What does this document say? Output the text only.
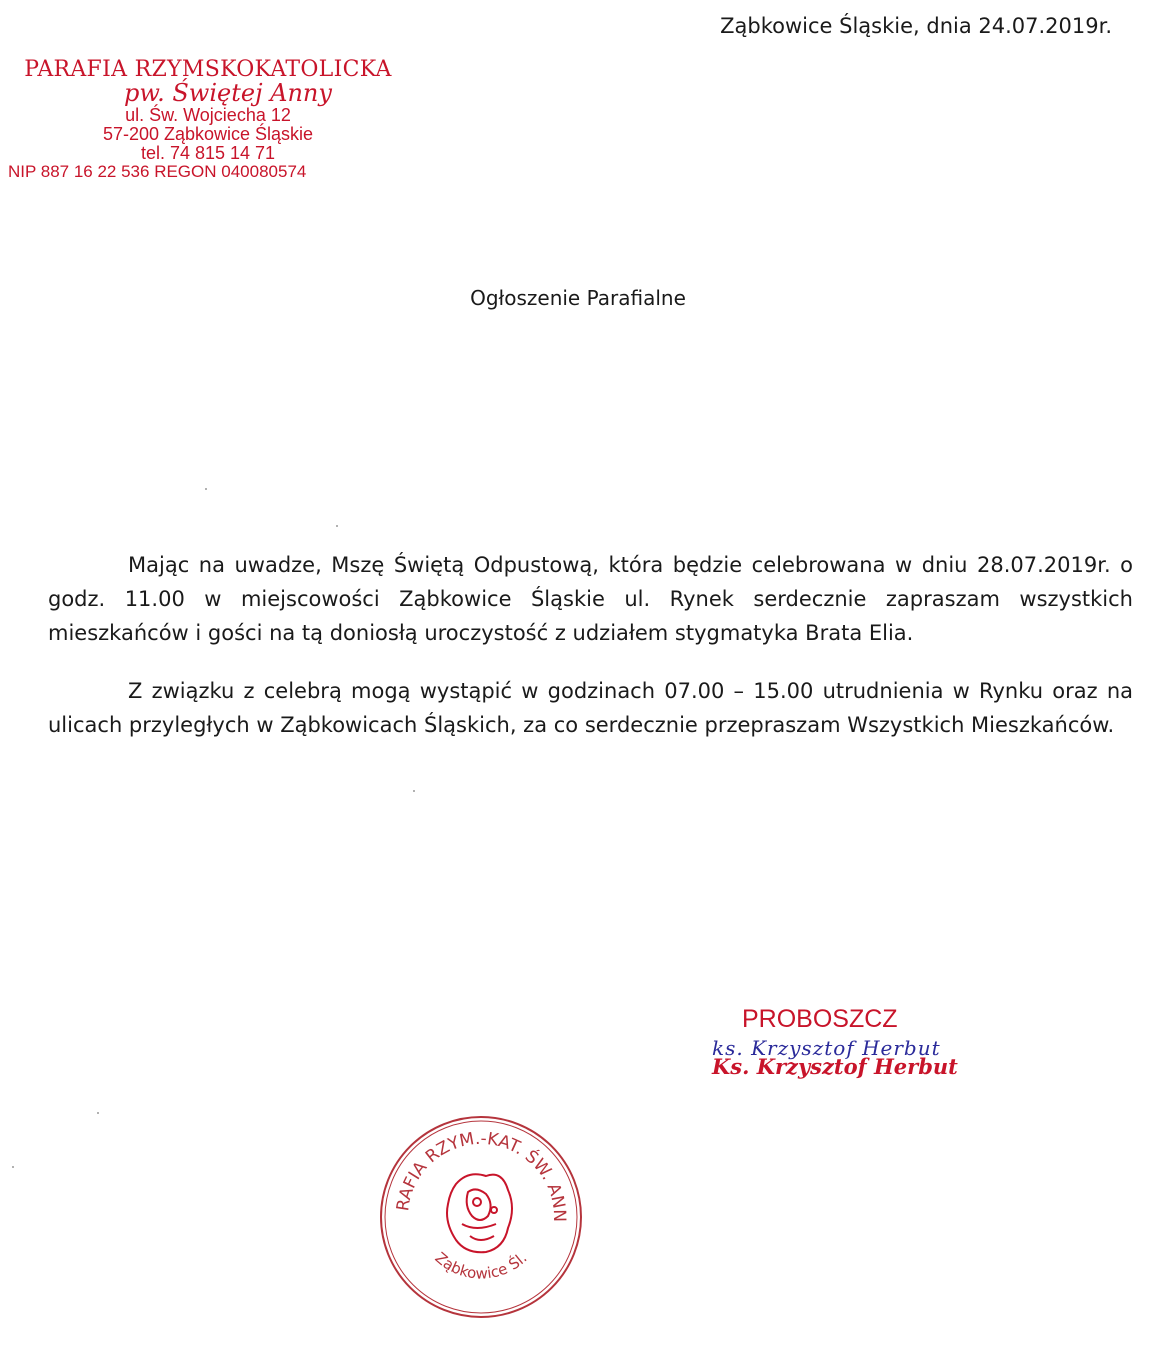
Ząbkowice Śląskie, dnia 24.07.2019r.
PARAFIA RZYMSKOKATOLICKA
pw. Świętej Anny
ul. Św. Wojciecha 12
57-200 Ząbkowice Śląskie
tel. 74 815 14 71
NIP 887 16 22 536 REGON 040080574
Ogłoszenie Parafialne
Mając na uwadze, Mszę Świętą Odpustową, która będzie celebrowana w dniu 28.07.2019r. o godz. 11.00 w miejscowości Ząbkowice Śląskie ul. Rynek serdecznie zapraszam wszystkich mieszkańców i gości na tą doniosłą uroczystość z udziałem stygmatyka Brata Elia.
Z związku z celebrą mogą wystąpić w godzinach 07.00 – 15.00 utrudnienia w Rynku oraz na ulicach przyległych w Ząbkowicach Śląskich, za co serdecznie przepraszam Wszystkich Mieszkańców.
PROBOSZCZ
ks. Krzysztof Herbut
Ks. Krzysztof Herbut
RAFIA RZYM.-KAT. ŚW. ANN
Ząbkowice Śl.
